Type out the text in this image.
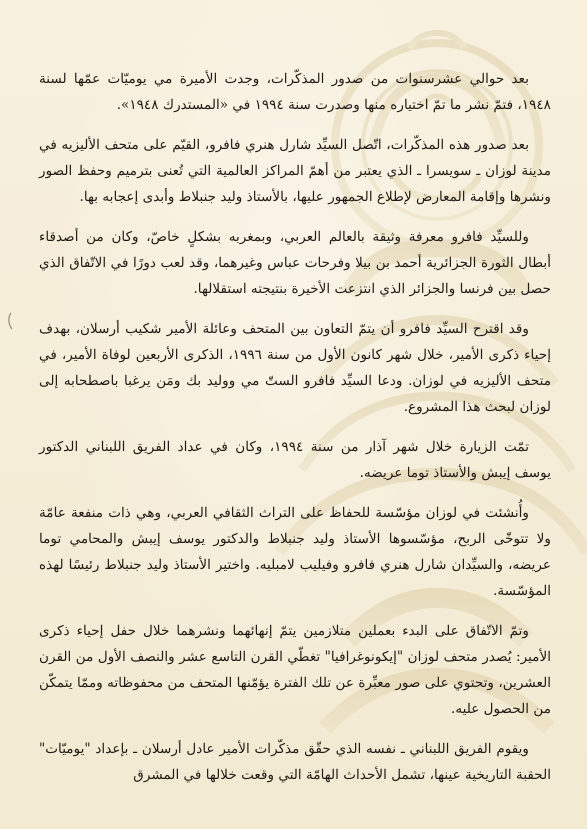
بعد حوالي عشرسنوات من صدور المذكّرات، وجدت الأميرة مي يوميّات عمّها لسنة ١٩٤٨، فتمّ نشر ما تمّ اختياره منها وصدرت سنة ١٩٩٤ في «المستدرك ١٩٤٨».

بعد صدور هذه المذكّرات، اتّصل السيِّد شارل هنري فافرو، القيّم على متحف الأليزيه في مدينة لوزان ـ سويسرا ـ الذي يعتبر من أهمّ المراكز العالمية التي تُعنى بترميم وحفظ الصور ونشرها وإقامة المعارض لإطلاع الجمهور عليها، بالأستاذ وليد جنبلاط وأبدى إعجابه بها.

وللسيِّد فافرو معرفة وثيقة بالعالم العربي، وبمغربه بشكلٍ خاصّ، وكان من أصدقاء أبطال الثورة الجزائرية أحمد بن بيلا وفرحات عباس وغيرهما، وقد لعب دورًا في الاتّفاق الذي حصل بين فرنسا والجزائر الذي انتزعت الأخيرة بنتيجته استقلالها.

وقد اقترح السيِّد فافرو أن يتمّ التعاون بين المتحف وعائلة الأمير شكيب أرسلان، بهدف إحياء ذكرى الأمير، خلال شهر كانون الأول من سنة ١٩٩٦، الذكرى الأربعين لوفاة الأمير، في متحف الأليزيه في لوزان. ودعا السيِّد فافرو الستّ مي ووليد بك ومَن يرغبا باصطحابه إلى لوزان لبحث هذا المشروع.

تمّت الزيارة خلال شهر آذار من سنة ١٩٩٤، وكان في عداد الفريق اللبناني الدكتور يوسف إيبش والأستاذ توما عريضه.

وأُنشئت في لوزان مؤسّسة للحفاظ على التراث الثقافي العربي، وهي ذات منفعة عامّة ولا تتوخّى الربح، مؤسّسوها الأستاذ وليد جنبلاط والدكتور يوسف إيبش والمحامي توما عريضه، والسيِّدان شارل هنري فافرو وفيليب لامبليه. واختير الأستاذ وليد جنبلاط رئيسًا لهذه المؤسّسة.

وتمّ الاتّفاق على البدء بعملين متلازمين يتمّ إنهائهما ونشرهما خلال حفل إحياء ذكرى الأمير: يُصدر متحف لوزان "إيكونوغرافيا" تغطّي القرن التاسع عشر والنصف الأول من القرن العشرين، وتحتوي على صور معبِّرة عن تلك الفترة يؤمّنها المتحف من محفوظاته وممّا يتمكّن من الحصول عليه.

ويقوم الفريق اللبناني ـ نفسه الذي حقّق مذكّرات الأمير عادل أرسلان ـ بإعداد "يوميّات" الحقبة التاريخية عينها، تشمل الأحداث الهامّة التي وقعت خلالها في المشرق
